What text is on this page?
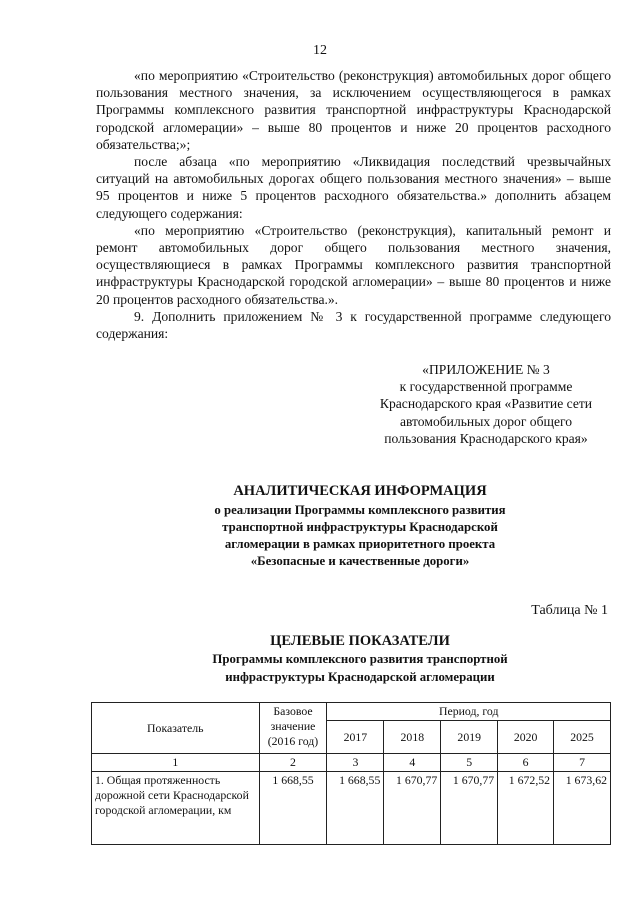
12

«по мероприятию «Строительство (реконструкция) автомобильных дорог общего пользования местного значения, за исключением осуществляющегося в рамках Программы комплексного развития транспортной инфраструктуры Краснодарской городской агломерации» – выше 80 процентов и ниже 20 процентов расходного обязательства;»;

после абзаца «по мероприятию «Ликвидация последствий чрезвычайных ситуаций на автомобильных дорогах общего пользования местного значения» – выше 95 процентов и ниже 5 процентов расходного обязательства.» дополнить абзацем следующего содержания:

«по мероприятию «Строительство (реконструкция), капитальный ремонт и ремонт автомобильных дорог общего пользования местного значения, осуществляющиеся в рамках Программы комплексного развития транспортной инфраструктуры Краснодарской городской агломерации» – выше 80 процентов и ниже 20 процентов расходного обязательства.».

9. Дополнить приложением № 3 к государственной программе следующего содержания:

«ПРИЛОЖЕНИЕ № 3
к государственной программе
Краснодарского края «Развитие сети
автомобильных дорог общего
пользования Краснодарского края»
АНАЛИТИЧЕСКАЯ ИНФОРМАЦИЯ
о реализации Программы комплексного развития
транспортной инфраструктуры Краснодарской
агломерации в рамках приоритетного проекта
«Безопасные и качественные дороги»
Таблица № 1
ЦЕЛЕВЫЕ ПОКАЗАТЕЛИ
Программы комплексного развития транспортной
инфраструктуры Краснодарской агломерации
Показатель	Базовое значение (2016 год)	Период, год				
		2017	2018	2019	2020	2025
1	2	3	4	5	6	7
1. Общая протяженность дорожной сети Краснодарской городской агломерации, км	1 668,55	1 668,55	1 670,77	1 670,77	1 672,52	1 673,62
